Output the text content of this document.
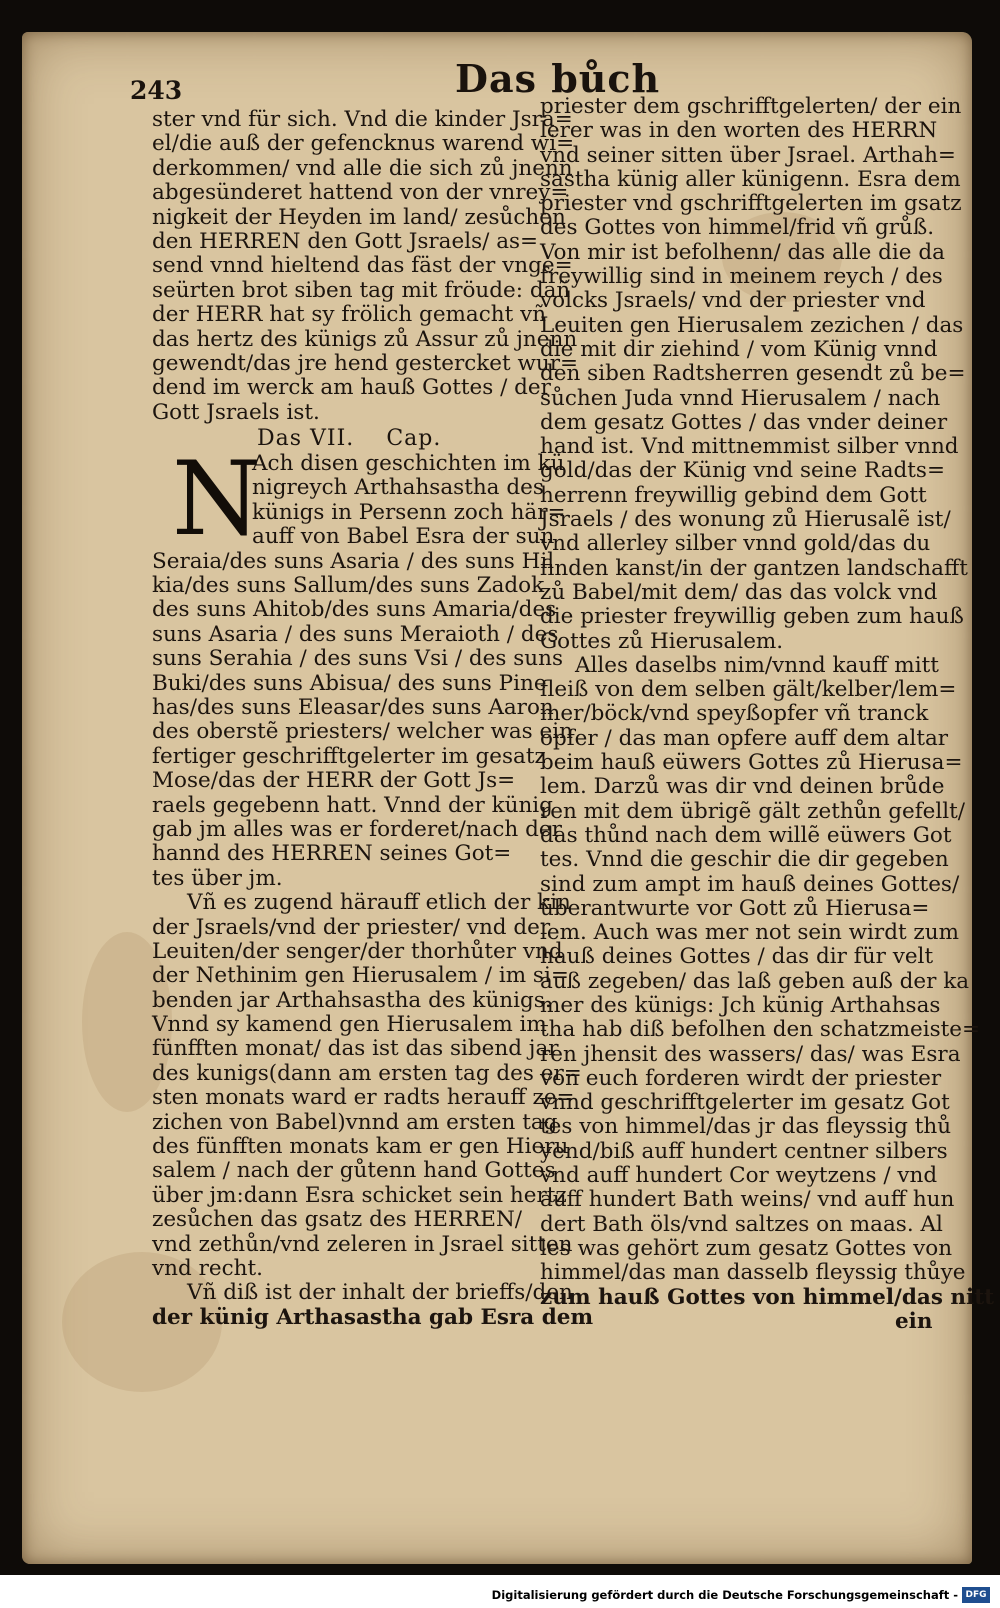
243	Das bůch
ster vnd für sich. Vnd die kinder Jsra=
el/die auß der gefencknus warend wi=
derkommen/ vnd alle die sich zů jnenn
abgesünderet hattend von der vnrey=
nigkeit der Heyden im land/ zesůchen
den HERREN den Gott Jsraels/ as=
send vnnd hieltend das fäst der vnge=
seürten brot siben tag mit fröude: dañ
der HERR hat sy frölich gemacht vñ
das hertz des künigs zů Assur zů jnenn
gewendt/das jre hend gestercket wur=
dend im werck am hauß Gottes / der
Gott Jsraels ist.
Das VII. Cap.
N
Ach disen geschichten im kü
nigreych Arthahsastha des
künigs in Persenn zoch här=
auff von Babel Esra der sun
Seraia/des suns Asaria / des suns Hil
kia/des suns Sallum/des suns Zadok
des suns Ahitob/des suns Amaria/des
suns Asaria / des suns Meraioth / des
suns Serahia / des suns Vsi / des suns
Buki/des suns Abisua/ des suns Pine
has/des suns Eleasar/des suns Aaron
des oberstẽ priesters/ welcher was ein
fertiger geschrifftgelerter im gesatz
Mose/das der HERR der Gott Js=
raels gegebenn hatt. Vnnd der künig
gab jm alles was er forderet/nach der
hannd des HERREN seines Got=
tes über jm.
Vñ es zugend härauff etlich der kin
der Jsraels/vnd der priester/ vnd der
Leuiten/der senger/der thorhůter vnd
der Nethinim gen Hierusalem / im si=
benden jar Arthahsastha des künigs.
Vnnd sy kamend gen Hierusalem im
fünfften monat/ das ist das sibend jar
des kunigs(dann am ersten tag des er=
sten monats ward er radts herauff ze=
zichen von Babel)vnnd am ersten tag
des fünfften monats kam er gen Hieru
salem / nach der gůtenn hand Gottes
über jm:dann Esra schicket sein hertz
zesůchen das gsatz des HERREN/
vnd zethůn/vnd zeleren in Jsrael sitten
vnd recht.
Vñ diß ist der inhalt der brieffs/den
der künig Arthasastha gab Esra dem
priester dem gschrifftgelerten/ der ein
lerer was in den worten des HERRN
vnd seiner sitten über Jsrael. Arthah=
sastha künig aller künigenn. Esra dem
priester vnd gschrifftgelerten im gsatz
des Gottes von himmel/frid vñ grůß.
Von mir ist befolhenn/ das alle die da
freywillig sind in meinem reych / des
volcks Jsraels/ vnd der priester vnd
Leuiten gen Hierusalem zezichen / das
die mit dir ziehind / vom Künig vnnd
den siben Radtsherren gesendt zů be=
sůchen Juda vnnd Hierusalem / nach
dem gesatz Gottes / das vnder deiner
hand ist. Vnd mittnemmist silber vnnd
gold/das der Künig vnd seine Radts=
herrenn freywillig gebind dem Gott
Jsraels / des wonung zů Hierusalẽ ist/
vnd allerley silber vnnd gold/das du
finden kanst/in der gantzen landschafft
zů Babel/mit dem/ das das volck vnd
die priester freywillig geben zum hauß
Gottes zů Hierusalem.
Alles daselbs nim/vnnd kauff mitt
fleiß von dem selben gält/kelber/lem=
mer/böck/vnd speyßopfer vñ tranck
opfer / das man opfere auff dem altar
beim hauß eüwers Gottes zů Hierusa=
lem. Darzů was dir vnd deinen brůde
ren mit dem übrigẽ gält zethůn gefellt/
das thůnd nach dem willẽ eüwers Got
tes. Vnnd die geschir die dir gegeben
sind zum ampt im hauß deines Gottes/
überantwurte vor Gott zů Hierusa=
lem. Auch was mer not sein wirdt zum
hauß deines Gottes / das dir für velt
auß zegeben/ das laß geben auß der ka
mer des künigs: Jch künig Arthahsas
tha hab diß befolhen den schatzmeiste=
ren jhensit des wassers/ das/ was Esra
von euch forderen wirdt der priester
vnnd geschrifftgelerter im gesatz Got
tes von himmel/das jr das fleyssig thů
yend/biß auff hundert centner silbers
vnd auff hundert Cor weytzens / vnd
auff hundert Bath weins/ vnd auff hun
dert Bath öls/vnd saltzes on maas. Al
les was gehört zum gesatz Gottes von
himmel/das man dasselb fleyssig thůye
zum hauß Gottes von himmel/das nitt
ein
Digitalisierung gefördert durch die Deutsche Forschungsgemeinschaft - DFG
